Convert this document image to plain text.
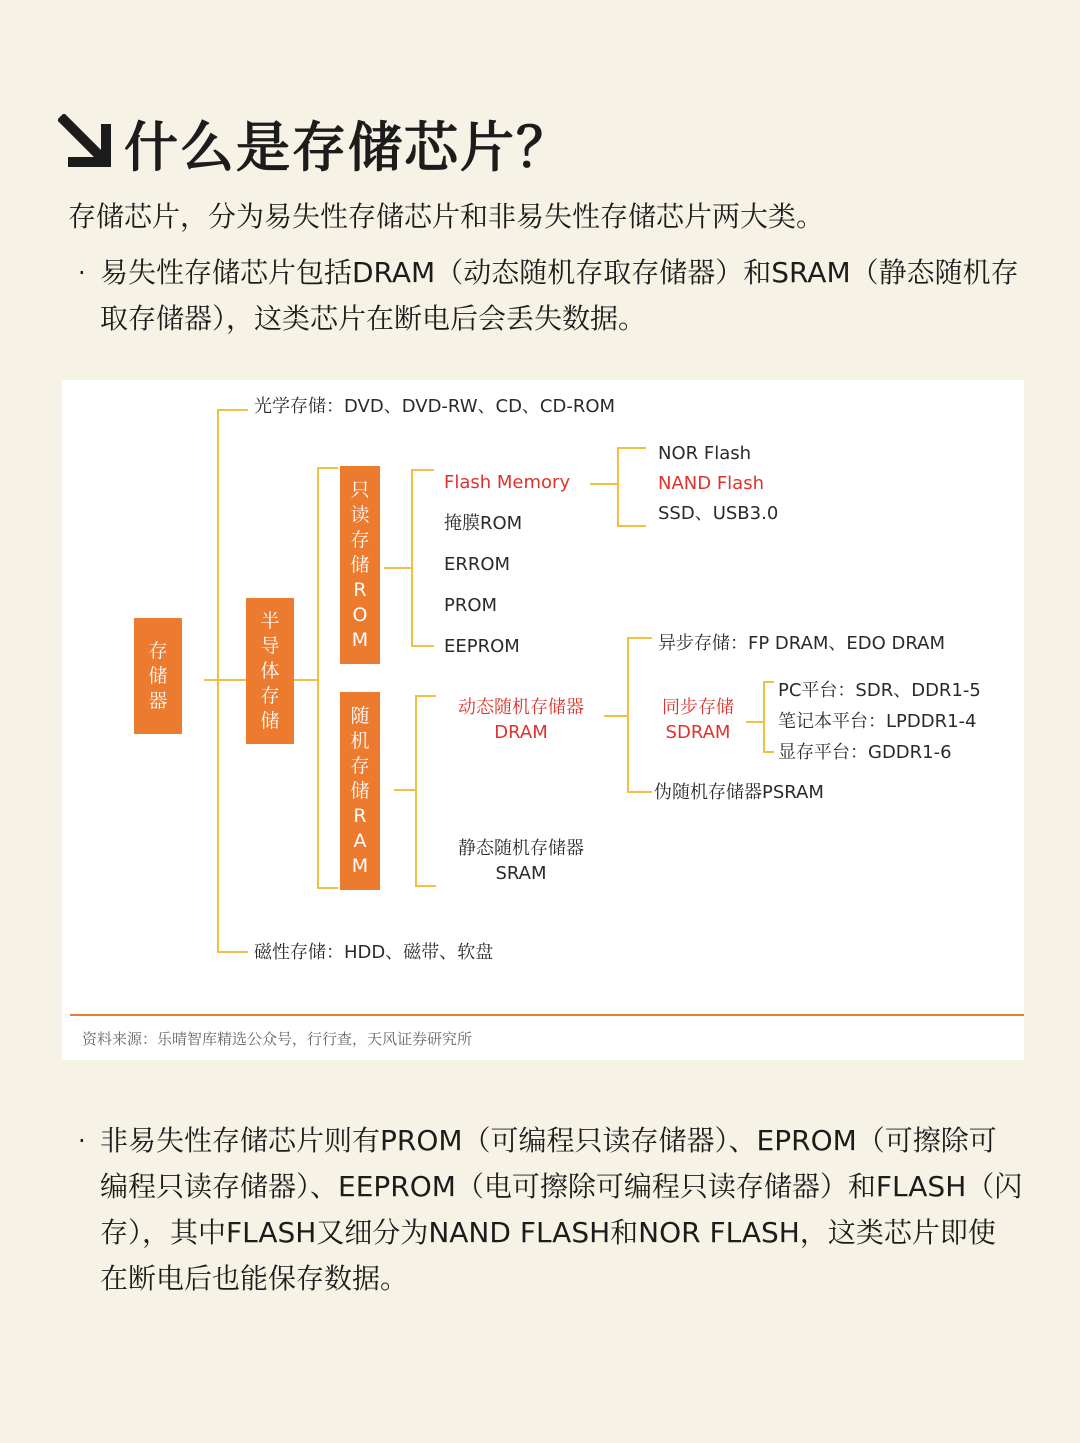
什么是存储芯片？
存储芯片，分为易失性存储芯片和非易失性存储芯片两大类。
· 易失性存储芯片包括DRAM（动态随机存取存储器）和SRAM（静态随机存取存储器），这类芯片在断电后会丢失数据。
光学存储：DVD、DVD-RW、CD、CD-ROM
磁性存储：HDD、磁带、软盘
存
储
器
半
导
体
存
储
只
读
存
储
R
O
M
随
机
存
储
R
A
M
Flash Memory
掩膜ROM
ERROM
PROM
EEPROM
NOR Flash
NAND Flash
SSD、USB3.0
动态随机存储器
DRAM
静态随机存储器
SRAM
异步存储：FP DRAM、EDO DRAM
同步存储
SDRAM
PC平台：SDR、DDR1-5
笔记本平台：LPDDR1-4
显存平台：GDDR1-6
伪随机存储器PSRAM
资料来源：乐晴智库精选公众号，行行查，天风证券研究所
· 非易失性存储芯片则有PROM（可编程只读存储器）、EPROM（可擦除可编程只读存储器）、EEPROM（电可擦除可编程只读存储器）和FLASH（闪存），其中FLASH又细分为NAND FLASH和NOR FLASH，这类芯片即使在断电后也能保存数据。
